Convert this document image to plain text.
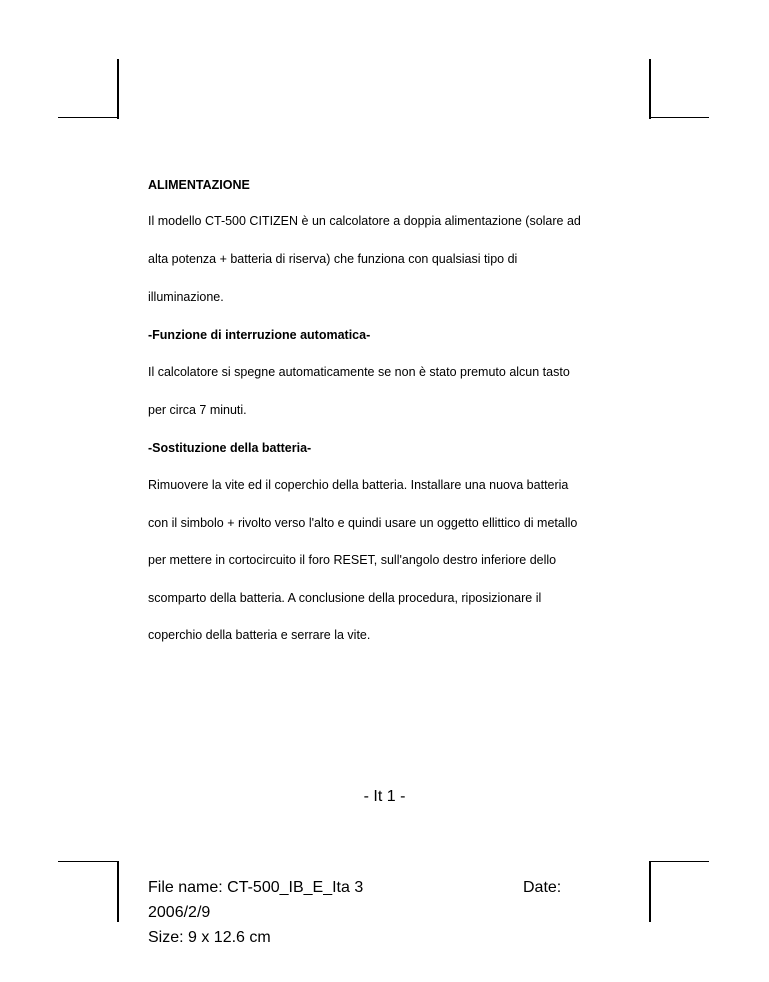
ALIMENTAZIONE
Il modello CT-500 CITIZEN è un calcolatore a doppia alimentazione (solare ad
alta potenza + batteria di riserva) che funziona con qualsiasi tipo di
illuminazione.
-Funzione di interruzione automatica-
Il calcolatore si spegne automaticamente se non è stato premuto alcun tasto
per circa 7 minuti.
-Sostituzione della batteria-
Rimuovere la vite ed il coperchio della batteria. Installare una nuova batteria
con il simbolo + rivolto verso l'alto e quindi usare un oggetto ellittico di metallo
per mettere in cortocircuito il foro RESET, sull'angolo destro inferiore dello
scomparto della batteria. A conclusione della procedura, riposizionare il
coperchio della batteria e serrare la vite.
- It 1 -
File name: CT-500_IB_E_Ita 3	Date:
2006/2/9
Size: 9 x 12.6 cm
